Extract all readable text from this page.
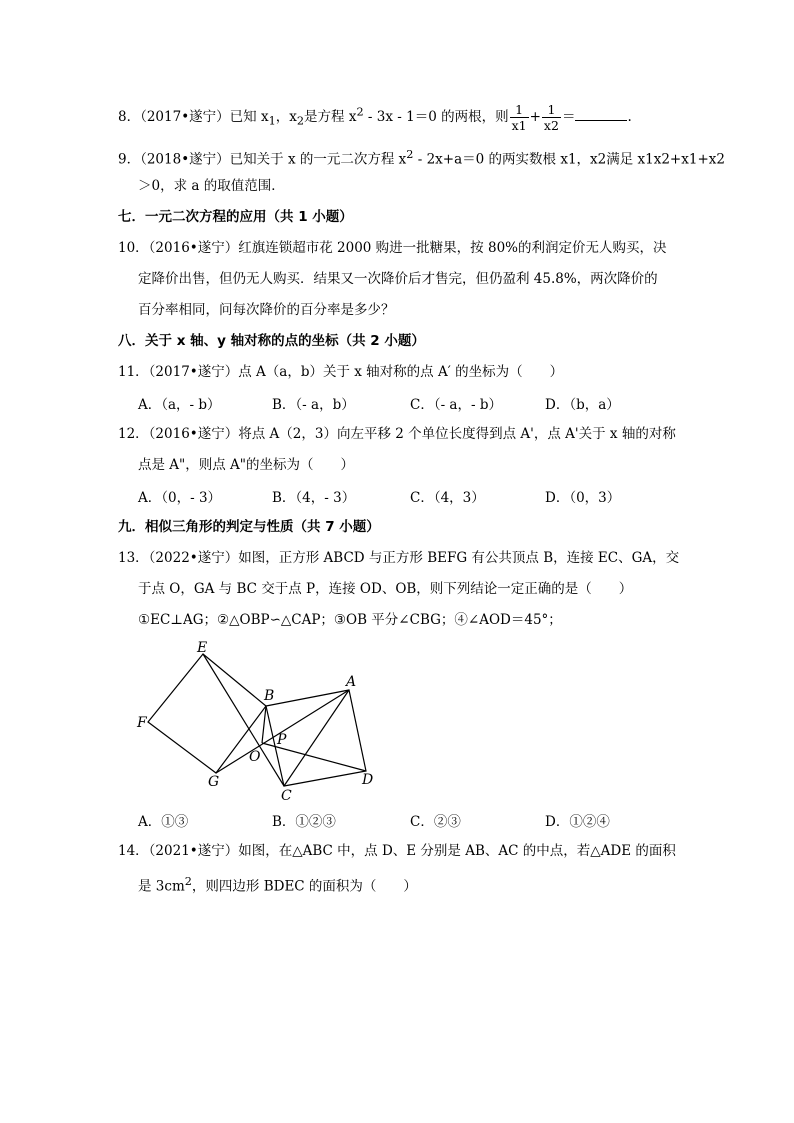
8．（2017•遂宁）已知 $x_1$，$x_2$是方程 $x^2 - 3x - 1=0$ 的两根，则 $\frac{1}{x1} + \frac{1}{x2}$ ＝	.
9．（2018•遂宁）已知关于 x 的一元二次方程 $x^2 - 2x+a=0$ 的两实数根 x1，x2满足 x1x2+x1+x2
＞0，求 a 的取值范围．
七．一元二次方程的应用（共 1 小题）
10．（2016•遂宁）红旗连锁超市花 2000 购进一批糖果，按 80%的利润定价无人购买，决
定降价出售，但仍无人购买．结果又一次降价后才售完，但仍盈利 45.8%，两次降价的
百分率相同，问每次降价的百分率是多少？
八．关于 x 轴、y 轴对称的点的坐标（共 2 小题）
11．（2017•遂宁）点 A（a，b）关于 x 轴对称的点 A′ 的坐标为（　　）
A．（a，- b）	B．（- a，b）	C．（- a，- b）	D．（b，a）
12．（2016•遂宁）将点 A（2，3）向左平移 2 个单位长度得到点 A'，点 A'关于 x 轴的对称
点是 A"，则点 A"的坐标为（　　）
A．（0，- 3）	B．（4，- 3）	C．（4，3）	D．（0，3）
九．相似三角形的判定与性质（共 7 小题）
13．（2022•遂宁）如图，正方形 ABCD 与正方形 BEFG 有公共顶点 B，连接 EC、GA，交
于点 O，GA 与 BC 交于点 P，连接 OD、OB，则下列结论一定正确的是（　　）
①EC⊥AG；②△OBP∽△CAP；③OB 平分∠CBG；④∠AOD＝45°；
E
B
A
F
P
O
G
C
D
A．①③	B．①②③	C．②③	D．①②④
14．（2021•遂宁）如图，在△ABC 中，点 D、E 分别是 AB、AC 的中点，若△ADE 的面积
是 $3cm^2$，则四边形 BDEC 的面积为（　　）
